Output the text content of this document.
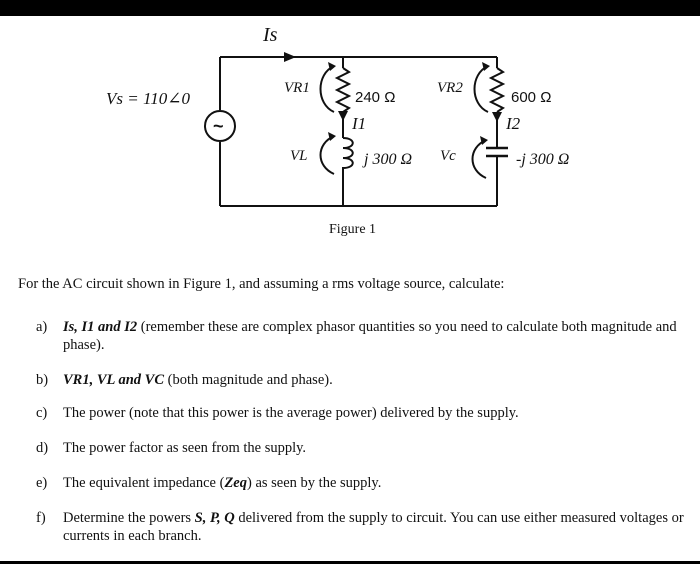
~
Is
Vs = 110∠0
VR1
240 Ω
I1
VL	j 300 Ω
VR2
600 Ω
I2
Vc	-j 300 Ω
Figure 1
For the AC circuit shown in Figure 1, and assuming a rms voltage source, calculate:
a) Is, I1 and I2 (remember these are complex phasor quantities so you need to calculate both magnitude and phase).
b) VR1, VL and VC (both magnitude and phase).
c) The power (note that this power is the average power) delivered by the supply.
d) The power factor as seen from the supply.
e) The equivalent impedance (Zeq) as seen by the supply.
f) Determine the powers S, P, Q delivered from the supply to circuit. You can use either measured voltages or currents in each branch.
